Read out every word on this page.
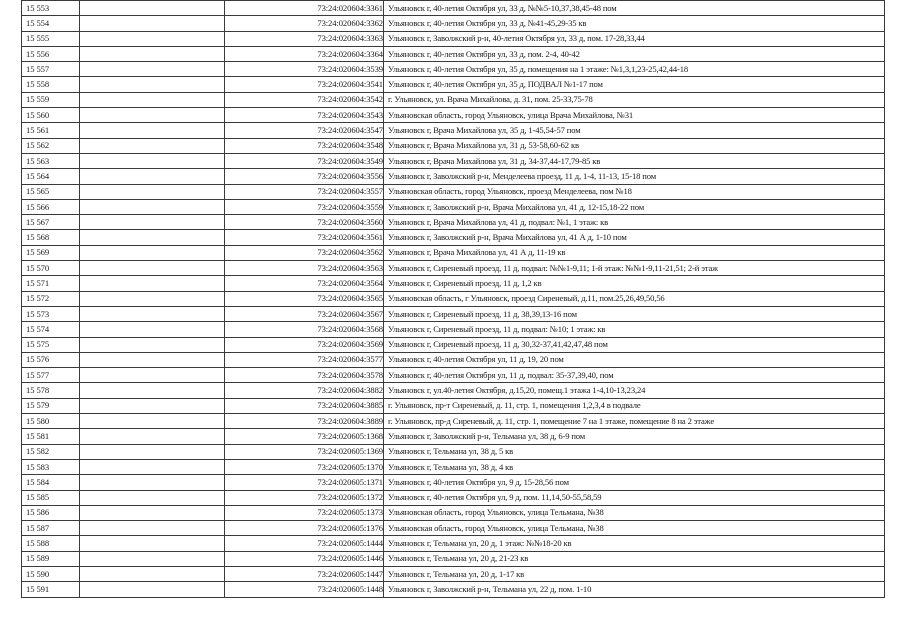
15 553		73:24:020604:3361	Ульяновск г, 40-летия Октября ул, 33 д, №№5-10,37,38,45-48 пом
15 554		73:24:020604:3362	Ульяновск г, 40-летия Октября ул, 33 д, №41-45,29-35 кв
15 555		73:24:020604:3363	Ульяновск г, Заволжский р-н, 40-летия Октября ул, 33 д, пом. 17-28,33,44
15 556		73:24:020604:3364	Ульяновск г, 40-летия Октября ул, 33 д, пом. 2-4, 40-42
15 557		73:24:020604:3539	Ульяновск г, 40-летия Октября ул, 35 д, помещения на 1 этаже: №1,3,1,23-25,42,44-18
15 558		73:24:020604:3541	Ульяновск г, 40-летия Октября ул, 35 д, ПОДВАЛ №1-17 пом
15 559		73:24:020604:3542	г. Ульяновск, ул. Врача Михайлова, д. 31, пом. 25-33,75-78
15 560		73:24:020604:3543	Ульяновская область, город Ульяновск, улица Врача Михайлова, №31
15 561		73:24:020604:3547	Ульяновск г, Врача Михайлова ул, 35 д, 1-45,54-57 пом
15 562		73:24:020604:3548	Ульяновск г, Врача Михайлова ул, 31 д, 53-58,60-62 кв
15 563		73:24:020604:3549	Ульяновск г, Врача Михайлова ул, 31 д, 34-37,44-17,79-85 кв
15 564		73:24:020604:3556	Ульяновск г, Заволжский р-н, Менделеева проезд, 11 д, 1-4, 11-13, 15-18 пом
15 565		73:24:020604:3557	Ульяновская область, город Ульяновск, проезд Менделеева, пом №18
15 566		73:24:020604:3559	Ульяновск г, Заволжский р-н, Врача Михайлова ул, 41 д, 12-15,18-22 пом
15 567		73:24:020604:3560	Ульяновск г, Врача Михайлова ул, 41 д, подвал: №1, 1 этаж: кв
15 568		73:24:020604:3561	Ульяновск г, Заволжский р-н, Врача Михайлова ул, 41 А д, 1-10 пом
15 569		73:24:020604:3562	Ульяновск г, Врача Михайлова ул, 41 А д, 11-19 кв
15 570		73:24:020604:3563	Ульяновск г, Сиреневый проезд, 11 д, подвал: №№1-9,11; 1-й этаж: №№1-9,11-21,51; 2-й этаж
15 571		73:24:020604:3564	Ульяновск г, Сиреневый проезд, 11 д, 1,2 кв
15 572		73:24:020604:3565	Ульяновская область, г Ульяновск, проезд Сиреневый, д.11, пом.25,26,49,50,56
15 573		73:24:020604:3567	Ульяновск г, Сиреневый проезд, 11 д, 38,39,13-16 пом
15 574		73:24:020604:3568	Ульяновск г, Сиреневый проезд, 11 д, подвал: №10; 1 этаж: кв
15 575		73:24:020604:3569	Ульяновск г, Сиреневый проезд, 11 д, 30,32-37,41,42,47,48 пом
15 576		73:24:020604:3577	Ульяновск г, 40-летия Октября ул, 11 д, 19, 20 пом
15 577		73:24:020604:3578	Ульяновск г, 40-летия Октября ул, 11 д, подвал: 35-37,39,40, пом
15 578		73:24:020604:3882	Ульяновск г, ул.40-летия Октября, д.15,20, помещ.1 этажа 1-4,10-13,23,24
15 579		73:24:020604:3885	г. Ульяновск, пр-т Сиреневый, д. 11, стр. 1, помещения 1,2,3,4 в подвале
15 580		73:24:020604:3889	г. Ульяновск, пр-д Сиреневый, д. 11, стр. 1, помещение 7 на 1 этаже, помещение 8 на 2 этаже
15 581		73:24:020605:1368	Ульяновск г, Заволжский р-н, Тельмана ул, 38 д, 6-9 пом
15 582		73:24:020605:1369	Ульяновск г, Тельмана ул, 38 д, 5 кв
15 583		73:24:020605:1370	Ульяновск г, Тельмана ул, 38 д, 4 кв
15 584		73:24:020605:1371	Ульяновск г, 40-летия Октября ул, 9 д, 15-28,56 пом
15 585		73:24:020605:1372	Ульяновск г, 40-летия Октября ул, 9 д, пом. 11,14,50-55,58,59
15 586		73:24:020605:1373	Ульяновская область, город Ульяновск, улица Тельмана, №38
15 587		73:24:020605:1376	Ульяновская область, город Ульяновск, улица Тельмана, №38
15 588		73:24:020605:1444	Ульяновск г, Тельмана ул, 20 д, 1 этаж: №№18-20 кв
15 589		73:24:020605:1446	Ульяновск г, Тельмана ул, 20 д, 21-23 кв
15 590		73:24:020605:1447	Ульяновск г, Тельмана ул, 20 д, 1-17 кв
15 591		73:24:020605:1448	Ульяновск г, Заволжский р-н, Тельмана ул, 22 д, пом. 1-10
